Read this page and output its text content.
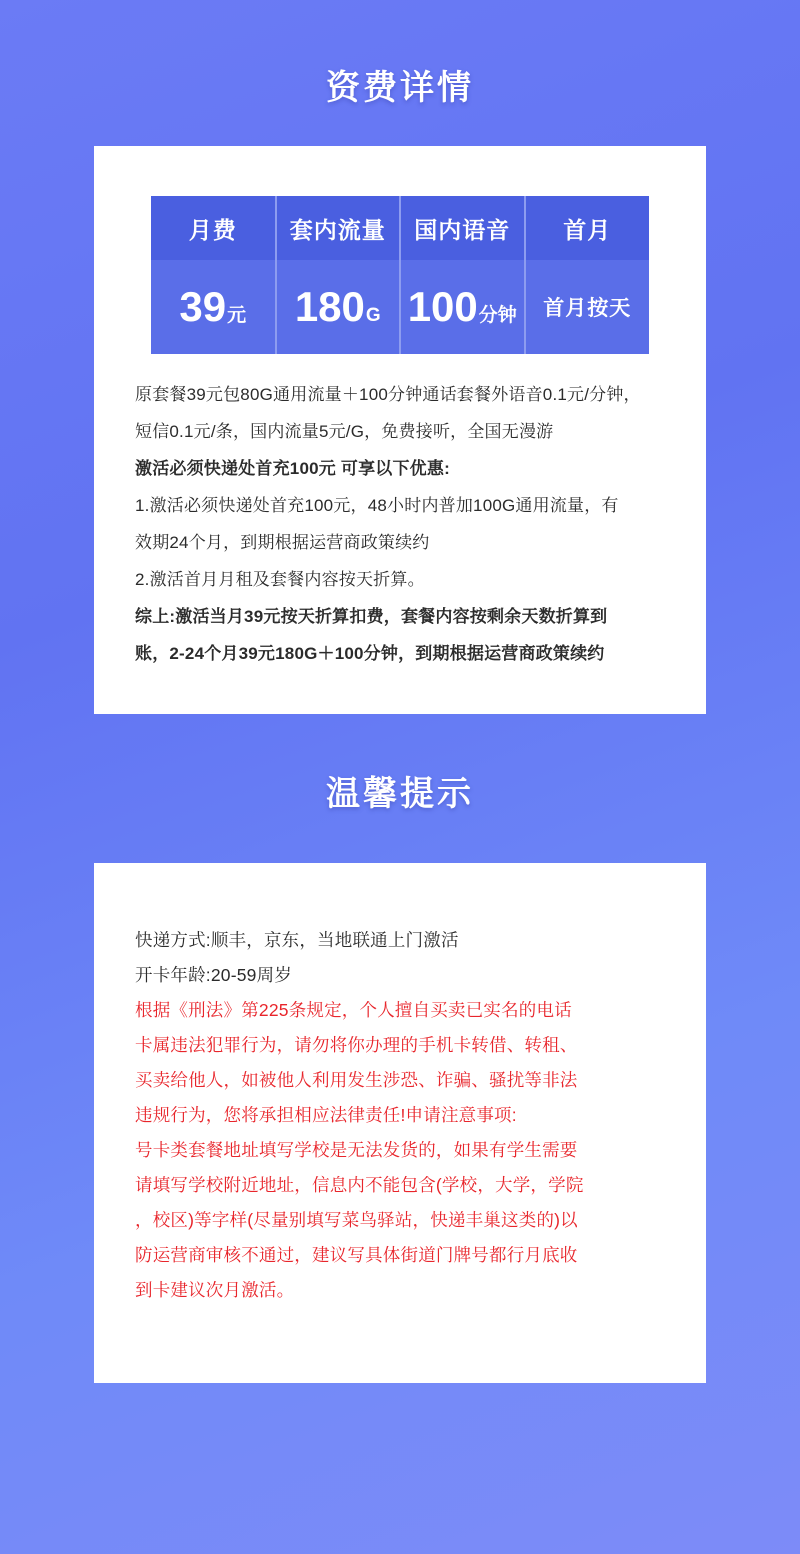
资费详情
月费	套内流量	国内语音	首月
39元	180G	100分钟	首月按天

原套餐39元包80G通用流量＋100分钟通话套餐外语音0.1元/分钟，

短信0.1元/条，国内流量5元/G，免费接听，全国无漫游

激活必须快递处首充100元 可享以下优惠:

1.激活必须快递处首充100元，48小时内普加100G通用流量，有

效期24个月，到期根据运营商政策续约

2.激活首月月租及套餐内容按天折算。

综上:激活当月39元按天折算扣费，套餐内容按剩余天数折算到

账，2-24个月39元180G＋100分钟，到期根据运营商政策续约

温馨提示

快递方式:顺丰，京东，当地联通上门激活

开卡年龄:20-59周岁

根据《刑法》第225条规定，个人擅自买卖已实名的电话

卡属违法犯罪行为，请勿将你办理的手机卡转借、转租、

买卖给他人，如被他人利用发生涉恐、诈骗、骚扰等非法

违规行为，您将承担相应法律责任!申请注意事项:

号卡类套餐地址填写学校是无法发货的，如果有学生需要

请填写学校附近地址，信息内不能包含(学校，大学，学院

，校区)等字样(尽量别填写菜鸟驿站，快递丰巢这类的)以

防运营商审核不通过，建议写具体街道门牌号都行月底收

到卡建议次月激活。
